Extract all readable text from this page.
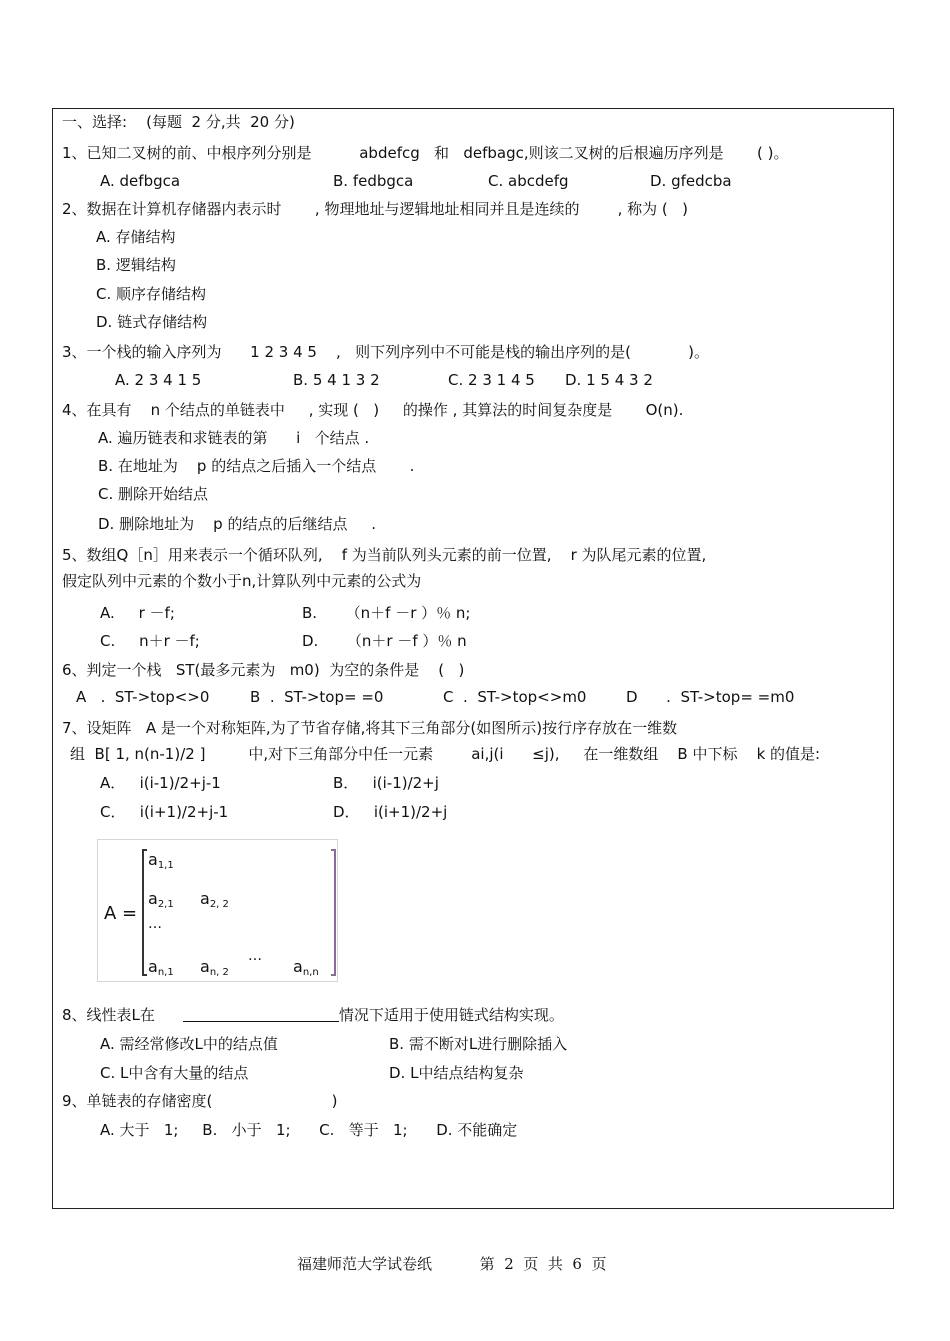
一、选择:    (每题  2 分,共  20 分)
1、已知二叉树的前、中根序列分别是          abdefcg   和   defbagc,则该二叉树的后根遍历序列是       ( )。
A. defbgca	B. fedbgca	C. abcdefg	D. gfedcba
2、数据在计算机存储器内表示时       , 物理地址与逻辑地址相同并且是连续的        , 称为 (   )
A. 存储结构
B. 逻辑结构
C. 顺序存储结构
D. 链式存储结构
3、一个栈的输入序列为      1 2 3 4 5    ,   则下列序列中不可能是栈的输出序列的是(            )。
A. 2 3 4 1 5	B. 5 4 1 3 2	C. 2 3 1 4 5 D. 1 5 4 3 2
4、在具有    n 个结点的单链表中     , 实现 (   )     的操作 , 其算法的时间复杂度是       O(n).
A. 遍历链表和求链表的第      i   个结点 .
B. 在地址为    p 的结点之后插入一个结点       .
C. 删除开始结点
D. 删除地址为    p 的结点的后继结点     .
5、数组Q［n］用来表示一个循环队列,    f 为当前队列头元素的前一位置,    r 为队尾元素的位置,
假定队列中元素的个数小于n,计算队列中元素的公式为
A.     r －f;	B.      （n＋f －r ）％ n;
C.     n＋r －f;	D.      （n＋r －f ）％ n
6、判定一个栈   ST(最多元素为   m0)  为空的条件是    (   )
A   .  ST->top<>0	B  .  ST->top= =0	C  .  ST->top<>m0	D      .  ST->top= =m0
7、设矩阵   A 是一个对称矩阵,为了节省存储,将其下三角部分(如图所示)按行序存放在一维数
组  B[ 1, n(n-1)/2 ]         中,对下三角部分中任一元素        ai,j(i      ≤j),     在一维数组    B 中下标    k 的值是:
A．   i(i-1)/2+j-1	B．   i(i-1)/2+j
C．   i(i+1)/2+j-1	D．   i(i+1)/2+j
A =
$a_{1,1}$
$a_{2,1}$ $a_{2, 2}$
…
$a_{n,1}$ $a_{n, 2}$
…
$a_{n,n}$
8、线性表L在	情况下适用于使用链式结构实现。
A. 需经常修改L中的结点值	B. 需不断对L进行删除插入
C. L中含有大量的结点	D. L中结点结构复杂
9、单链表的存储密度(                         )
A. 大于   1;     B.   小于   1;      C.   等于   1;      D. 不能确定
福建师范大学试卷纸          第  2  页  共  6  页
